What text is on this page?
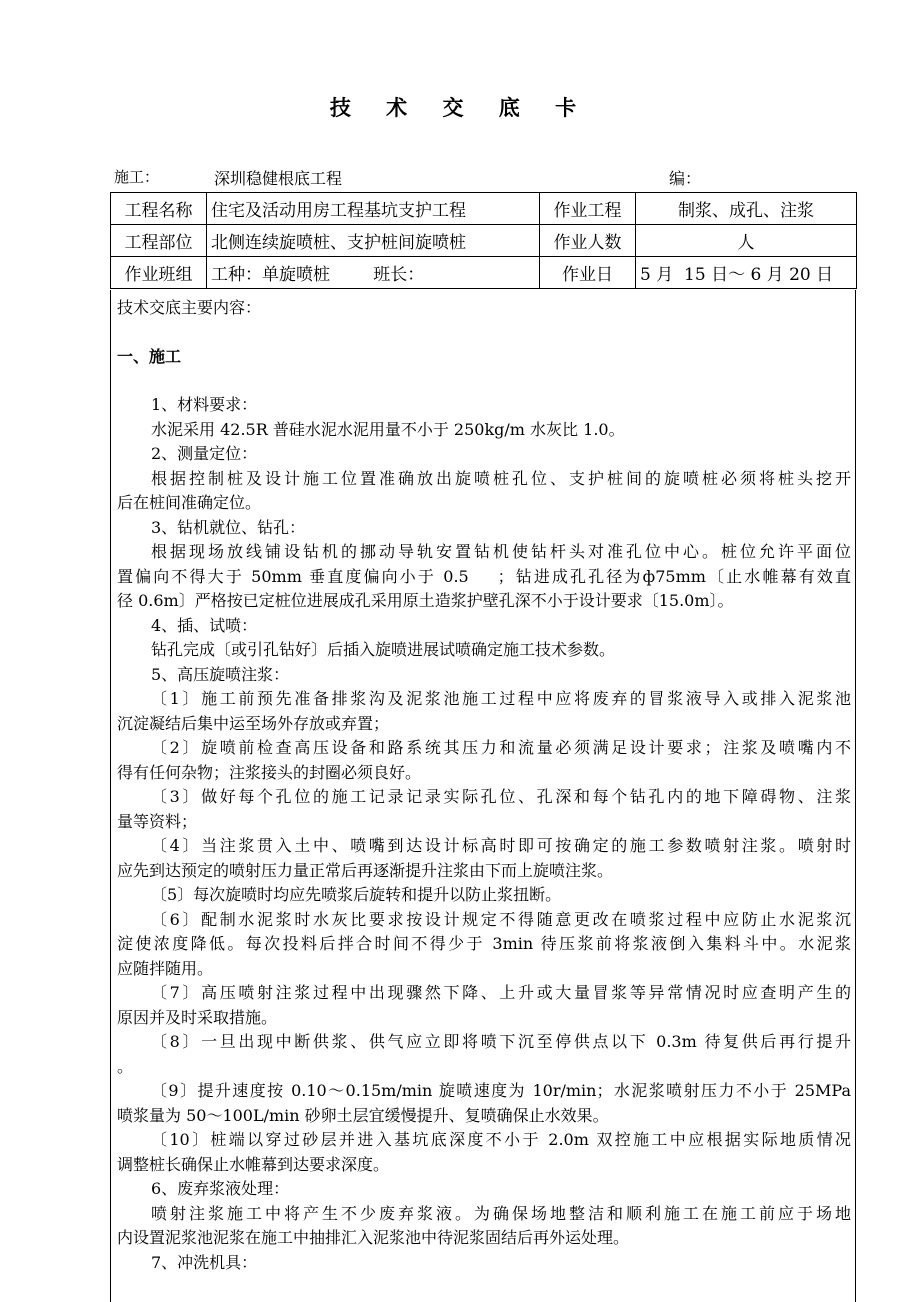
技 术 交 底 卡
施工：	深圳稳健根底工程	编：
工程名称	住宅及活动用房工程基坑支护工程	作业工程	制浆、成孔、注浆
工程部位	北侧连续旋喷桩、支护桩间旋喷桩	作业人数	人
作业班组	工种：单旋喷桩        班长：	作业日	5 月  15 日～ 6 月 20 日

技术交底主要内容：

一、施工

1、材料要求：

水泥采用 42.5R 普硅水泥水泥用量不小于 250kg/m 水灰比 1.0。

2、测量定位：

根据控制桩及设计施工位置准确放出旋喷桩孔位、支护桩间的旋喷桩必须将桩头挖开

后在桩间准确定位。

3、钻机就位、钻孔：

根据现场放线铺设钻机的挪动导轨安置钻机使钻杆头对准孔位中心。桩位允许平面位

置偏向不得大于 50mm 垂直度偏向小于 0.5    ；钻进成孔孔径为ф75mm〔止水帷幕有效直

径 0.6m〕严格按已定桩位进展成孔采用原土造浆护壁孔深不小于设计要求〔15.0m〕。

4、插、试喷：

钻孔完成〔或引孔钻好〕后插入旋喷进展试喷确定施工技术参数。

5、高压旋喷注浆：

〔1〕施工前预先准备排浆沟及泥浆池施工过程中应将废弃的冒浆液导入或排入泥浆池

沉淀凝结后集中运至场外存放或弃置；

〔2〕旋喷前检查高压设备和路系统其压力和流量必须满足设计要求；注浆及喷嘴内不

得有任何杂物；注浆接头的封圈必须良好。

〔3〕做好每个孔位的施工记录记录实际孔位、孔深和每个钻孔内的地下障碍物、注浆

量等资料；

〔4〕当注浆贯入土中、喷嘴到达设计标高时即可按确定的施工参数喷射注浆。喷射时

应先到达预定的喷射压力量正常后再逐渐提升注浆由下而上旋喷注浆。

〔5〕每次旋喷时均应先喷浆后旋转和提升以防止浆扭断。

〔6〕配制水泥浆时水灰比要求按设计规定不得随意更改在喷浆过程中应防止水泥浆沉

淀使浓度降低。每次投料后拌合时间不得少于 3min 待压浆前将浆液倒入集料斗中。水泥浆

应随拌随用。

〔7〕高压喷射注浆过程中出现骤然下降、上升或大量冒浆等异常情况时应查明产生的

原因并及时采取措施。

〔8〕一旦出现中断供浆、供气应立即将喷下沉至停供点以下 0.3m 待复供后再行提升

。

〔9〕提升速度按 0.10～0.15m/min 旋喷速度为 10r/min；水泥浆喷射压力不小于 25MPa

喷浆量为 50～100L/min 砂卵土层宜缓慢提升、复喷确保止水效果。

〔10〕桩端以穿过砂层并进入基坑底深度不小于 2.0m 双控施工中应根据实际地质情况

调整桩长确保止水帷幕到达要求深度。

6、废弃浆液处理：

喷射注浆施工中将产生不少废弃浆液。为确保场地整洁和顺利施工在施工前应于场地

内设置泥浆池泥浆在施工中抽排汇入泥浆池中待泥浆固结后再外运处理。

7、冲洗机具：
